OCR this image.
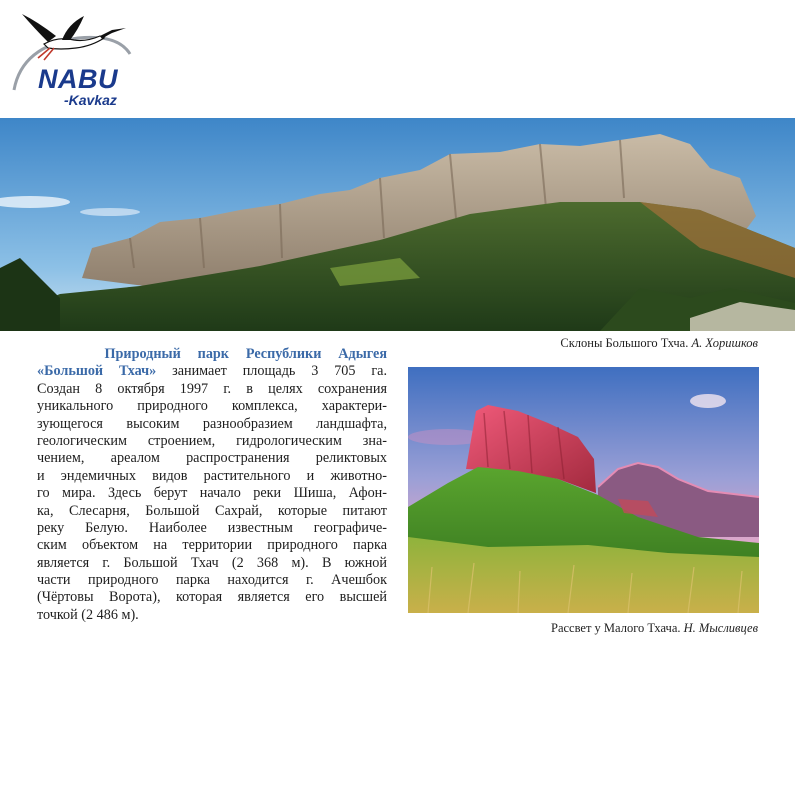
NABU
-Kavkaz
Склоны Большого Тхча. А. Хоришков
Природный парк Республики Адыгея
«Большой Тхач» занимает площадь 3 705 га.
Создан 8 октября 1997 г. в целях сохранения
уникального природного комплекса, характери-
зующегося высоким разнообразием ландшафта,
геологическим строением, гидрологическим зна-
чением, ареалом распространения реликтовых
и эндемичных видов растительного и животно-
го мира. Здесь берут начало реки Шиша, Афон-
ка, Слесарня, Большой Сахрай, которые питают
реку Белую. Наиболее известным географиче-
ским объектом на территории природного парка
является г. Большой Тхач (2 368 м). В южной
части природного парка находится г. Ачешбок
(Чёртовы Ворота), которая является его высшей
точкой (2 486 м).
Рассвет у Малого Тхача. Н. Мысливцев
